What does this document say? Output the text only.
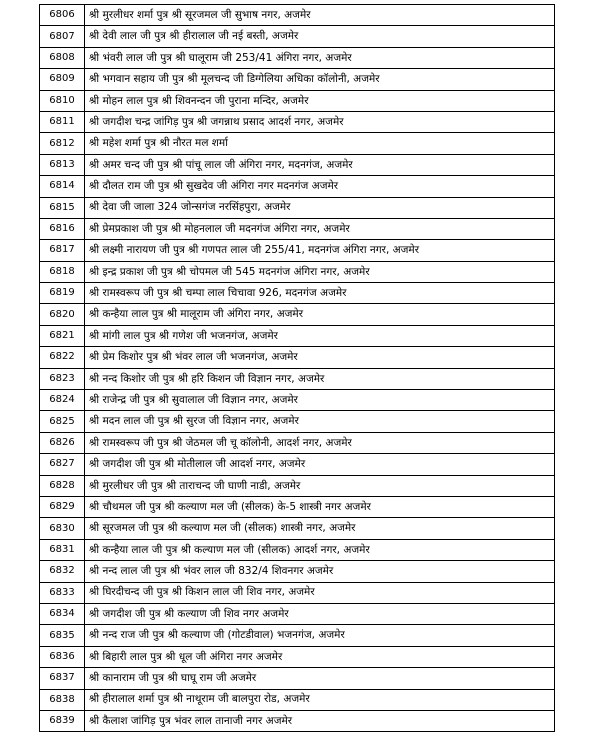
6806	श्री मुरलीधर शर्मा पुत्र श्री सूरजमल जी सुभाष नगर, अजमेर
6807	श्री देवी लाल जी पुत्र श्री हीरालाल जी नई बस्ती, अजमेर
6808	श्री भंवरी लाल जी पुत्र श्री घालूराम जी 253/41 अंगिरा नगर, अजमेर
6809	श्री भगवान सहाय जी पुत्र श्री मूलचन्द जी डिग्गेलिया अधिका कॉलोनी, अजमेर
6810	श्री मोहन लाल पुत्र श्री शिवनन्दन जी पुराना मन्दिर, अजमेर
6811	श्री जगदीश चन्द्र जांगिड़ पुत्र श्री जगन्नाथ प्रसाद आदर्श नगर, अजमेर
6812	श्री महेश शर्मा पुत्र श्री नौरत मल शर्मा
6813	श्री अमर चन्द जी पुत्र श्री पांचू लाल जी अंगिरा नगर, मदनगंज, अजमेर
6814	श्री दौलत राम जी पुत्र श्री सुखदेव जी अंगिरा नगर मदनगंज अजमेर
6815	श्री देवा जी जाला 324 जोन्सगंज नरसिंहपुरा, अजमेर
6816	श्री प्रेमप्रकाश जी पुत्र श्री मोहनलाल जी मदनगंज अंगिरा नगर, अजमेर
6817	श्री लक्ष्मी नारायण जी पुत्र श्री गणपत लाल जी 255/41, मदनगंज अंगिरा नगर, अजमेर
6818	श्री इन्द्र प्रकाश जी पुत्र श्री चोपमल जी 545 मदनगंज अंगिरा नगर, अजमेर
6819	श्री रामस्वरूप जी पुत्र श्री चम्पा लाल चिचावा 926, मदनगंज अजमेर
6820	श्री कन्हैया लाल पुत्र श्री मालूराम जी अंगिरा नगर, अजमेर
6821	श्री मांगी लाल पुत्र श्री गणेश जी भजनगंज, अजमेर
6822	श्री प्रेम किशोर पुत्र श्री भंवर लाल जी भजनगंज, अजमेर
6823	श्री नन्द किशोर जी पुत्र श्री हरि किशन जी विज्ञान नगर, अजमेर
6824	श्री राजेन्द्र जी पुत्र श्री सुवालाल जी विज्ञान नगर, अजमेर
6825	श्री मदन लाल जी पुत्र श्री सुरज जी विज्ञान नगर, अजमेर
6826	श्री रामस्वरूप जी पुत्र श्री जेठमल जी चू कॉलोनी, आदर्श नगर, अजमेर
6827	श्री जगदीश जी पुत्र श्री मोतीलाल जी आदर्श नगर, अजमेर
6828	श्री मुरलीधर जी पुत्र श्री ताराचन्द जी घाणी नाडी, अजमेर
6829	श्री चौथमल जी पुत्र श्री कल्याण मल जी (सीलक) के-5 शास्त्री नगर अजमेर
6830	श्री सूरजमल जी पुत्र श्री कल्याण मल जी (सीलक) शास्त्री नगर, अजमेर
6831	श्री कन्हैया लाल जी पुत्र श्री कल्याण मल जी (सीलक) आदर्श नगर, अजमेर
6832	श्री नन्द लाल जी पुत्र श्री भंवर लाल जी 832/4 शिवनगर अजमेर
6833	श्री घिरदीचन्द जी पुत्र श्री किशन लाल जी शिव नगर, अजमेर
6834	श्री जगदीश जी पुत्र श्री कल्याण जी शिव नगर अजमेर
6835	श्री नन्द राज जी पुत्र श्री कल्याण जी (गोटडीवाल) भजनगंज, अजमेर
6836	श्री बिहारी लाल पुत्र श्री धूल जी अंगिरा नगर अजमेर
6837	श्री कानाराम जी पुत्र श्री घाघू राम जी अजमेर
6838	श्री हीरालाल शर्मा पुत्र श्री नाथूराम जी बालपुरा रोड, अजमेर
6839	श्री कैलाश जांगिड़ पुत्र भंवर लाल तानाजी नगर अजमेर
